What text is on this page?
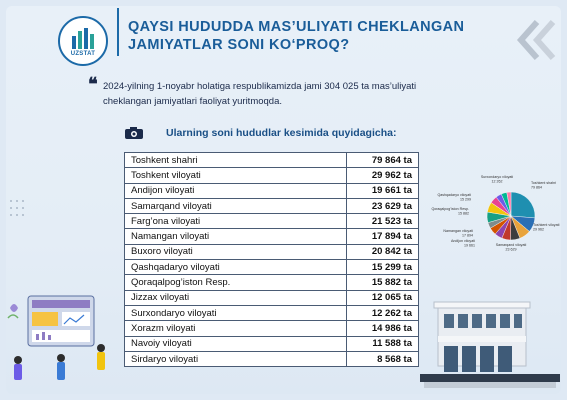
UZSTAT
QAYSI HUDUDDA MAS’ULIYATI CHEKLANGAN
JAMIYATLAR SONI KO‘PROQ?
❝ 2024-yilning 1-noyabr holatiga respublikamizda jami 304 025 ta mas’uliyati cheklangan jamiyatlari faoliyat yuritmoqda.
Ularning soni hududlar kesimida quyidagicha:
Toshkent shahri	79 864 ta
Toshkent viloyati	29 962 ta
Andijon viloyati	19 661 ta
Samarqand viloyati	23 629 ta
Farg’ona viloyati	21 523 ta
Namangan viloyati	17 894 ta
Buxoro viloyati	20 842 ta
Qashqadaryo viloyati	15 299 ta
Qoraqalpog’iston Resp.	15 882 ta
Jizzax viloyati	12 065 ta
Surxondaryo viloyati	12 262 ta
Xorazm viloyati	14 986 ta
Navoiy viloyati	11 588 ta
Sirdaryo viloyati	8 568 ta
Toshkent shahri
79 864
Toshkent viloyati
29 962
Samarqand viloyati
23 629
Andijon viloyati
19 661
Namangan viloyati
17 894
Qoraqalpog’iston Resp.
15 882
Qashqadaryo viloyati
15 299
Surxondaryo viloyati
12 262
